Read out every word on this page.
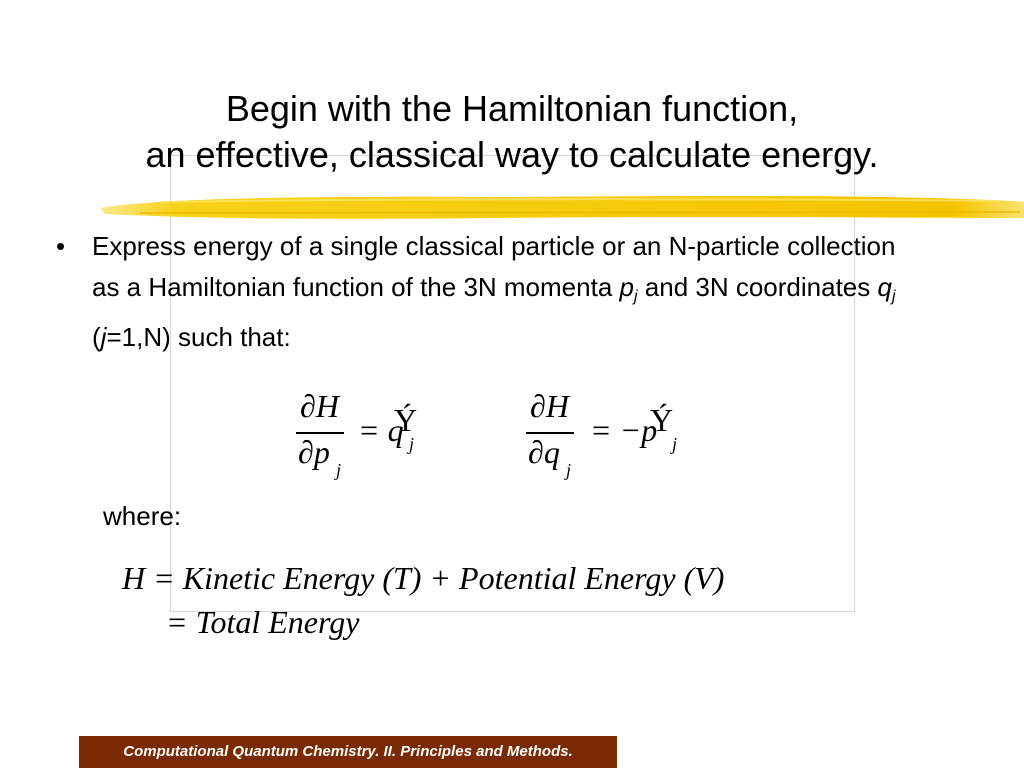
Begin with the Hamiltonian function,
an effective, classical way to calculate energy.
• Express energy of a single classical particle or an N-particle collection as a Hamiltonian function of the 3N momenta $p_j$ and 3N coordinates $q_j$ (j=1,N) such that:
∂H
∂p j
= q
Ý
j
∂H
∂q j
= −p
Ý
j
where:
H = Kinetic Energy (T) + Potential Energy (V)
= Total Energy
Computational Quantum Chemistry. II. Principles and Methods.
